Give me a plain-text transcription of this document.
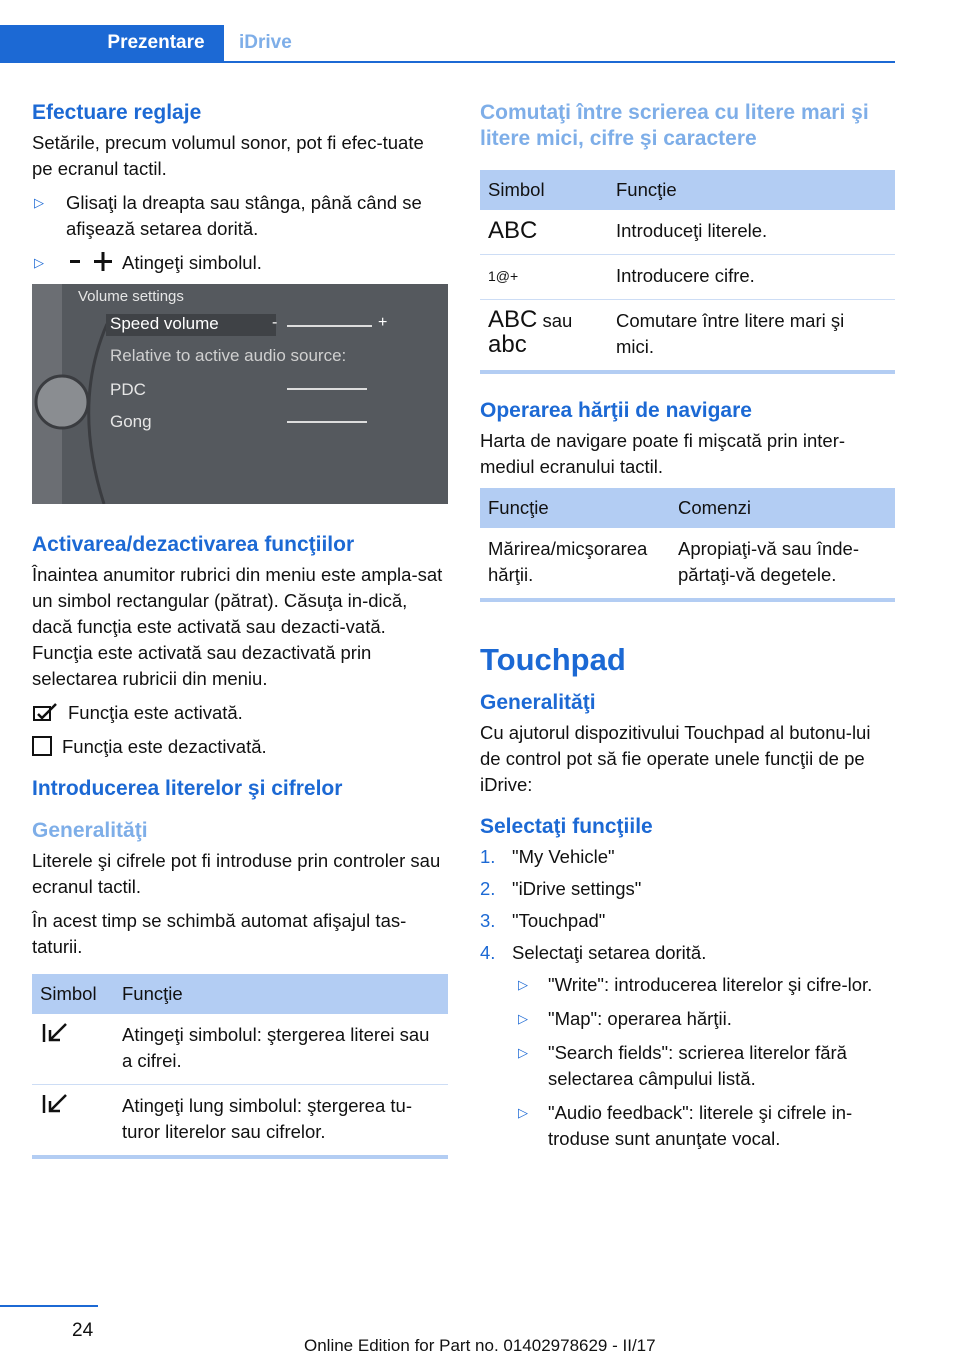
Prezentare	iDrive
Efectuare reglaje

Setările, precum volumul sonor, pot fi efec-tuate pe ecranul tactil.

▷ Glisaţi la dreapta sau stânga, până când se afişează setarea dorită.
▷	Atingeţi simbolul.
Volume settings
Speed volume
Relative to active audio source:
PDC
Gong
-	+
Activarea/dezactivarea funcţiilor

Înaintea anumitor rubrici din meniu este ampla-sat un simbol rectangular (pătrat). Căsuţa in-dică, dacă funcţia este activată sau dezacti-vată. Funcţia este activată sau dezactivată prin selectarea rubricii din meniu.

Funcţia este activată.

Funcţia este dezactivată.

Introducerea literelor şi cifrelor
Generalităţi

Literele şi cifrele pot fi introduse prin controler sau ecranul tactil.

În acest timp se schimbă automat afişajul tas-taturii.

Simbol	Funcţie
	Atingeţi simbolul: ştergerea literei sau a cifrei.
	Atingeţi lung simbolul: ştergerea tu-turor literelor sau cifrelor.
Comutaţi între scrierea cu litere mari şi litere mici, cifre şi caractere
Simbol	Funcţie
ABC	Introduceţi literele.
1@+	Introducere cifre.
ABC sau
abc	Comutare între litere mari şi mici.
Operarea hărţii de navigare

Harta de navigare poate fi mişcată prin inter-mediul ecranului tactil.

Funcţie	Comenzi
Mărirea/micşorarea hărţii.	Apropiaţi-vă sau înde-părtaţi-vă degetele.
Touchpad
Generalităţi

Cu ajutorul dispozitivului Touchpad al butonu-lui de control pot să fie operate unele funcţii de pe iDrive:

Selectaţi funcţiile
1. "My Vehicle"
2. "iDrive settings"
3. "Touchpad"
4. Selectaţi setarea dorită.
▷ "Write": introducerea literelor şi cifre-lor.
▷ "Map": operarea hărţii.
▷ "Search fields": scrierea literelor fără selectarea câmpului listă.
▷ "Audio feedback": literele şi cifrele in-troduse sunt anunţate vocal.
24
Online Edition for Part no. 01402978629 - II/17
